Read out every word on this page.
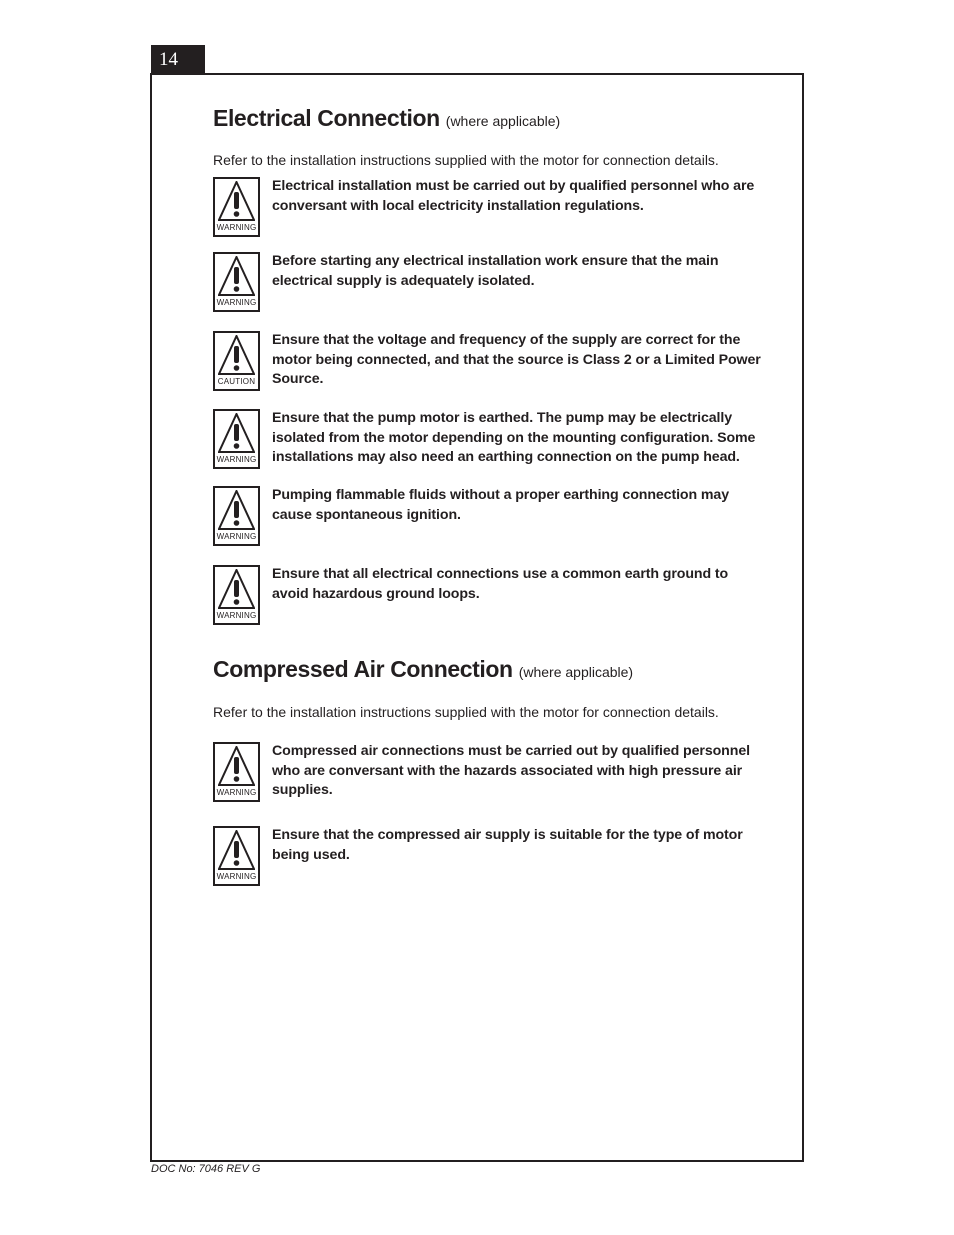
14
Electrical Connection (where applicable)
Refer to the installation instructions supplied with the motor for connection details.
WARNING
Electrical installation must be carried out by qualified personnel who are conversant with local electricity installation regulations.
WARNING
Before starting any electrical installation work ensure that the main electrical supply is adequately isolated.
CAUTION
Ensure that the voltage and frequency of the supply are correct for the motor being connected, and that the source is Class 2 or a Limited Power Source.
WARNING
Ensure that the pump motor is earthed. The pump may be electrically isolated from the motor depending on the mounting configuration. Some installations may also need an earthing connection on the pump head.
WARNING
Pumping flammable fluids without a proper earthing connection may cause spontaneous ignition.
WARNING
Ensure that all electrical connections use a common earth ground to avoid hazardous ground loops.
Compressed Air Connection (where applicable)
Refer to the installation instructions supplied with the motor for connection details.
WARNING
Compressed air connections must be carried out by qualified personnel who are conversant with the hazards associated with high pressure air supplies.
WARNING
Ensure that the compressed air supply is suitable for the type of motor being used.
DOC No: 7046 REV G
